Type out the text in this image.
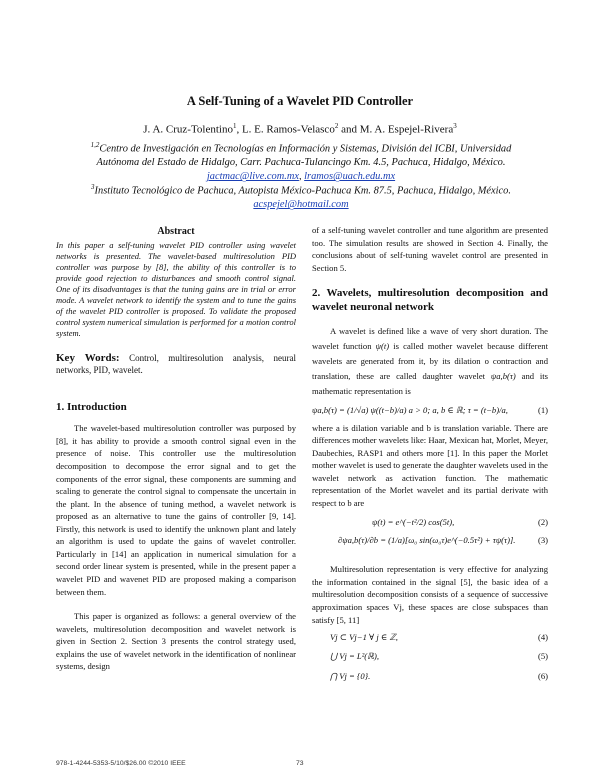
A Self-Tuning of a Wavelet PID Controller
J. A. Cruz-Tolentino$^1$, L. E. Ramos-Velasco$^2$ and M. A. Espejel-Rivera$^3$
$^{1,2}$Centro de Investigación en Tecnologías en Información y Sistemas, División del ICBI, Universidad
Autónoma del Estado de Hidalgo, Carr. Pachuca-Tulancingo Km. 4.5, Pachuca, Hidalgo, México.
jactmac@live.com.mx, lramos@uach.edu.mx
$^3$Instituto Tecnológico de Pachuca, Autopista México-Pachuca Km. 87.5, Pachuca, Hidalgo, México.
acspejel@hotmail.com
Abstract

In this paper a self-tuning wavelet PID controller using wavelet networks is presented. The wavelet-based multiresolution PID controller was purpose by [8], the ability of this controller is to provide good rejection to disturbances and smooth control signal. One of its disadvantages is that the tuning gains are in trial or error mode. A wavelet network to identify the system and to tune the gains of the wavelet PID controller is proposed. To validate the proposed control system numerical simulation is performed for a motion control system.

Key Words: Control, multiresolution analysis, neural networks, PID, wavelet.

1. Introduction

The wavelet-based multiresolution controller was purposed by [8], it has ability to provide a smooth control signal even in the presence of noise. This controller use the multiresolution decomposition to decompose the error signal and to get the components of the error signal, these components are summing and scaling to generate the control signal to compensate the uncertain in the plant. In the absence of tuning method, a wavelet network is proposed as an alternative to tune the gains of controller [9, 14]. Firstly, this network is used to identify the unknown plant and lately an algorithm is used to update the gains of wavelet controller. Particularly in [14] an application in numerical simulation for a second order linear system is presented, while in the present paper a wavelet PID and wavenet PID are proposed making a comparison between them.

This paper is organized as follows: a general overview of the wavelets, multiresolution decomposition and wavelet network is given in Section 2. Section 3 presents the control strategy used, explains the use of wavelet network in the identification of nonlinear systems, design

of a self-tuning wavelet controller and tune algorithm are presented too. The simulation results are showed in Section 4. Finally, the conclusions about of self-tuning wavelet control are presented in Section 5.

2. Wavelets, multiresolution decomposition and wavelet neuronal network

A wavelet is defined like a wave of very short duration. The wavelet function ψ(t) is called mother wavelet because different wavelets are generated from it, by its dilation o contraction and translation, these are called daughter wavelet ψa,b(τ) and its mathematic representation is

ψa,b(τ) = (1/√a) ψ((t−b)/a) a > 0; a, b ∈ ℝ; τ = (t−b)/a,	(1)

where a is dilation variable and b is translation variable. There are differences mother wavelets like: Haar, Mexican hat, Morlet, Meyer, Daubechies, RASP1 and others more [1]. In this paper the Morlet mother wavelet is used to generate the daughter wavelets used in the wavelet network as activation function. The mathematic representation of the Morlet wavelet and its partial derivate with respect to b are

ψ(t) = e^(−t²/2) cos(5t),	(2)
∂ψa,b(τ)/∂b = (1/a)[ω₀ sin(ω₀τ)e^(−0.5τ²) + τψ(τ)].	(3)

Multiresolution representation is very effective for analyzing the information contained in the signal [5], the basic idea of a multiresolution decomposition consists of a sequence of successive approximation spaces Vj, these spaces are close subspaces than satisfy [5, 11]

Vj ⊂ Vj−1 ∀ j ∈ ℤ,	(4)
⋃ Vj = L²(ℝ),	(5)
⋂ Vj = {0}.	(6)
978-1-4244-5353-5/10/$26.00 ©2010 IEEE	73
